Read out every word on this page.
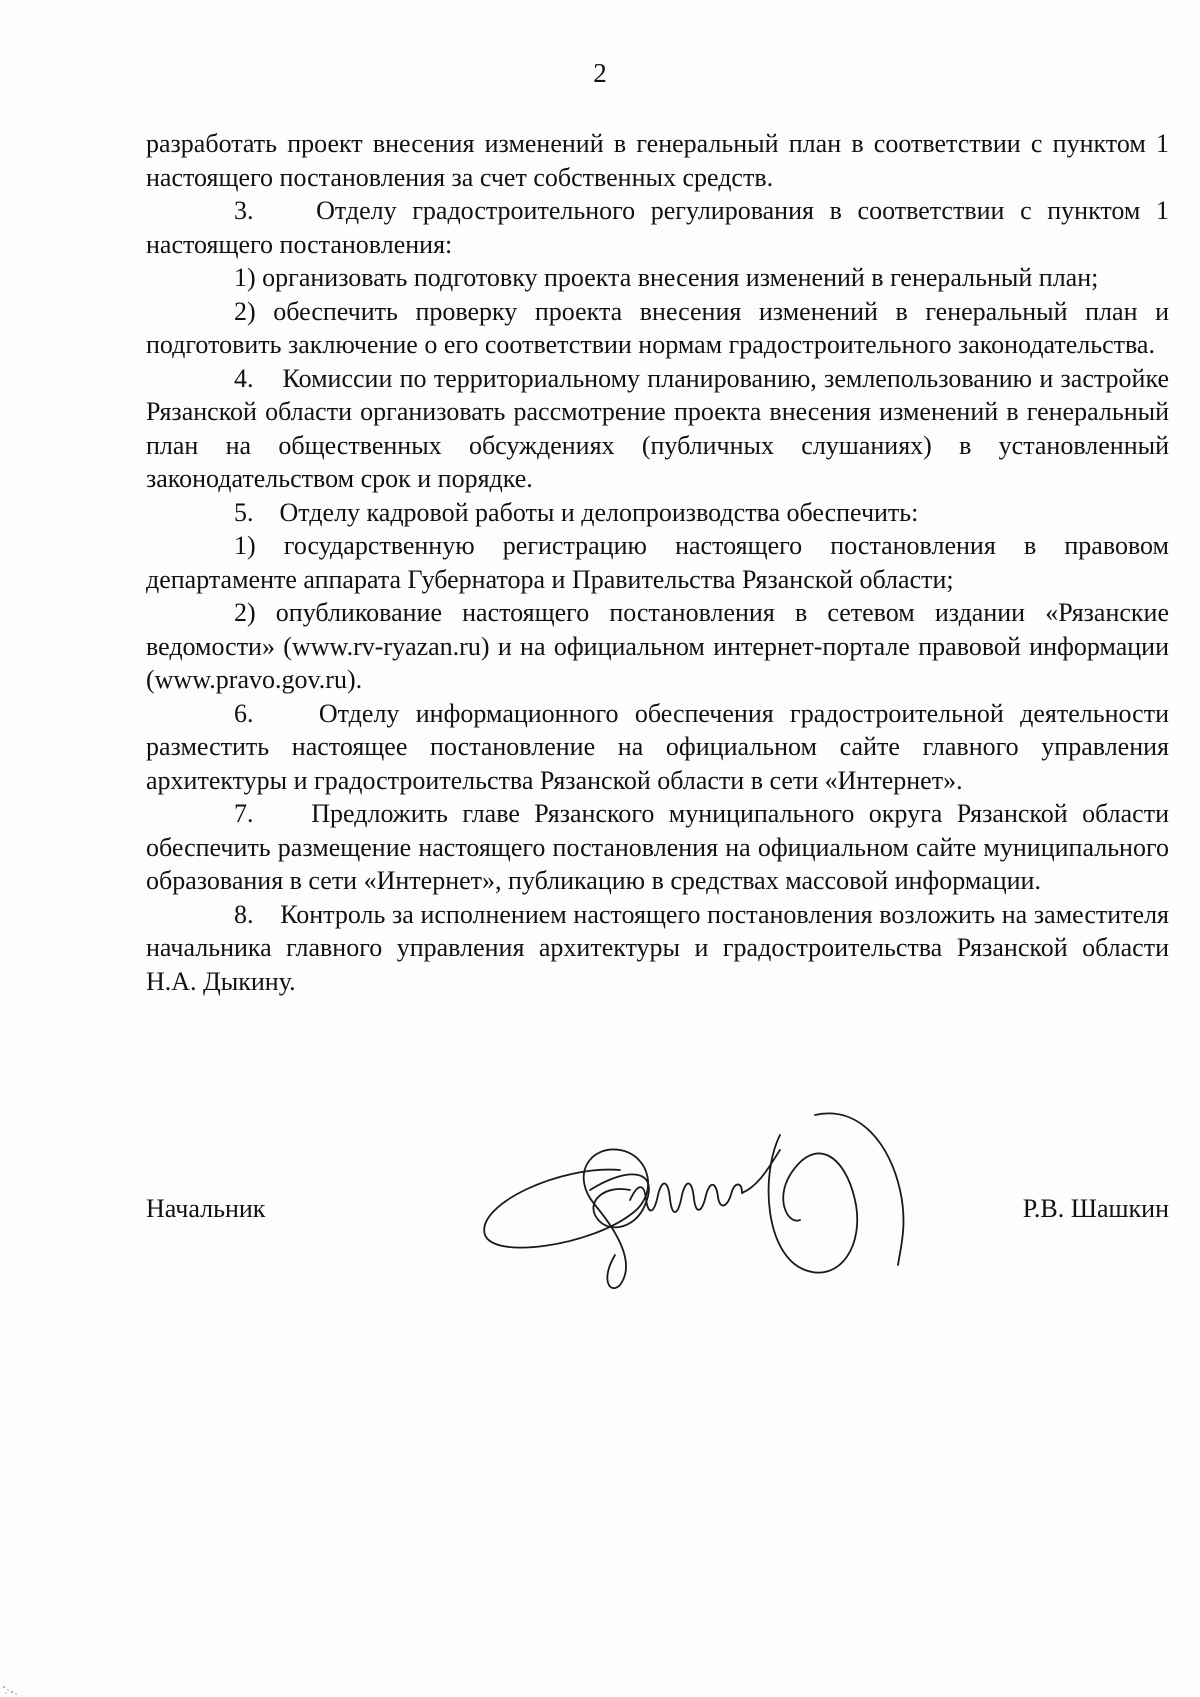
2

разработать проект внесения изменений в генеральный план в соответствии с пунктом 1 настоящего постановления за счет собственных средств.

3.    Отделу градостроительного регулирования в соответствии с пунктом 1 настоящего постановления:

1) организовать подготовку проекта внесения изменений в генеральный план;

2) обеспечить проверку проекта внесения изменений в генеральный план и подготовить заключение о его соответствии нормам градостроительного законодательства.

4.    Комиссии по территориальному планированию, землепользованию и застройке Рязанской области организовать рассмотрение проекта внесения изменений в генеральный план на общественных обсуждениях (публичных слушаниях) в установленный законодательством срок и порядке.

5.    Отделу кадровой работы и делопроизводства обеспечить:

1) государственную регистрацию настоящего постановления в правовом департаменте аппарата Губернатора и Правительства Рязанской области;

2) опубликование настоящего постановления в сетевом издании «Рязанские ведомости» (www.rv-ryazan.ru) и на официальном интернет-портале правовой информации (www.pravo.gov.ru).

6.    Отделу информационного обеспечения градостроительной деятельности разместить настоящее постановление на официальном сайте главного управления архитектуры и градостроительства Рязанской области в сети «Интернет».

7.    Предложить главе Рязанского муниципального округа Рязанской области обеспечить размещение настоящего постановления на официальном сайте муниципального образования в сети «Интернет», публикацию в средствах массовой информации.

8.    Контроль за исполнением настоящего постановления возложить на заместителя начальника главного управления архитектуры и градостроительства Рязанской области Н.А. Дыкину.

Начальник	Р.В. Шашкин
